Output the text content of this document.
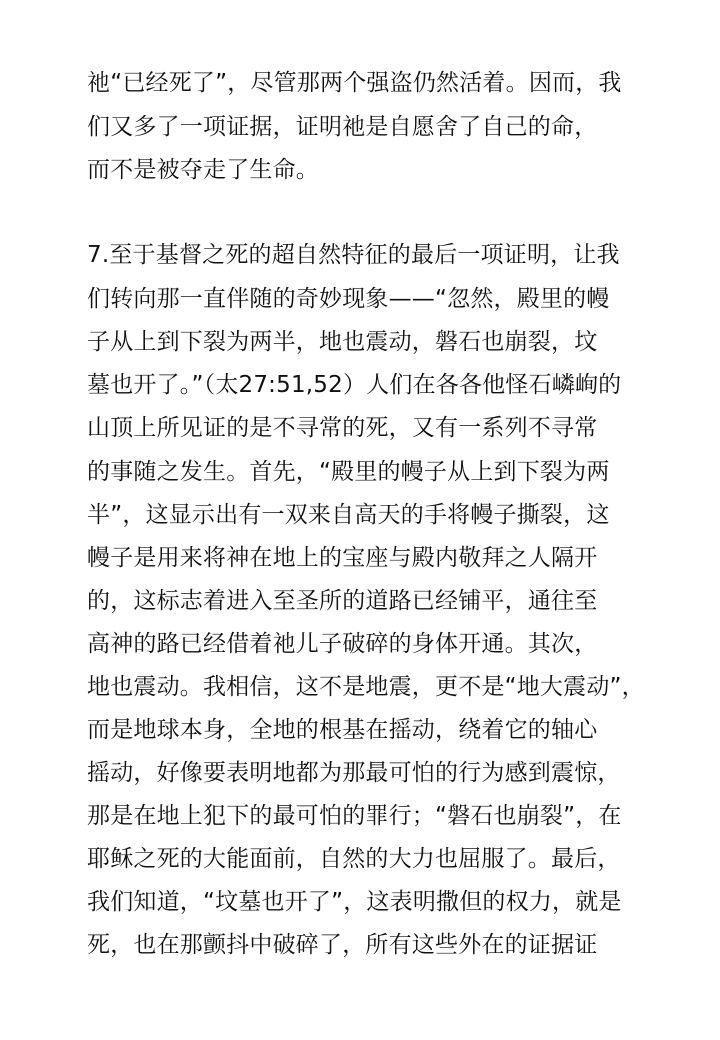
祂“已经死了”，尽管那两个强盗仍然活着。因而，我
们又多了一项证据，证明祂是自愿舍了自己的命，
而不是被夺走了生命。
7.至于基督之死的超自然特征的最后一项证明，让我
们转向那一直伴随的奇妙现象——“忽然，殿里的幔
子从上到下裂为两半，地也震动，磐石也崩裂，坟
墓也开了。”（太27:51,52）人们在各各他怪石嶙峋的
山顶上所见证的是不寻常的死，又有一系列不寻常
的事随之发生。首先，“殿里的幔子从上到下裂为两
半”，这显示出有一双来自高天的手将幔子撕裂，这
幔子是用来将神在地上的宝座与殿内敬拜之人隔开
的，这标志着进入至圣所的道路已经铺平，通往至
高神的路已经借着祂儿子破碎的身体开通。其次，
地也震动。我相信，这不是地震，更不是“地大震动”，
而是地球本身，全地的根基在摇动，绕着它的轴心
摇动，好像要表明地都为那最可怕的行为感到震惊，
那是在地上犯下的最可怕的罪行；“磐石也崩裂”，在
耶稣之死的大能面前，自然的大力也屈服了。最后，
我们知道，“坟墓也开了”，这表明撒但的权力，就是
死，也在那颤抖中破碎了，所有这些外在的证据证
